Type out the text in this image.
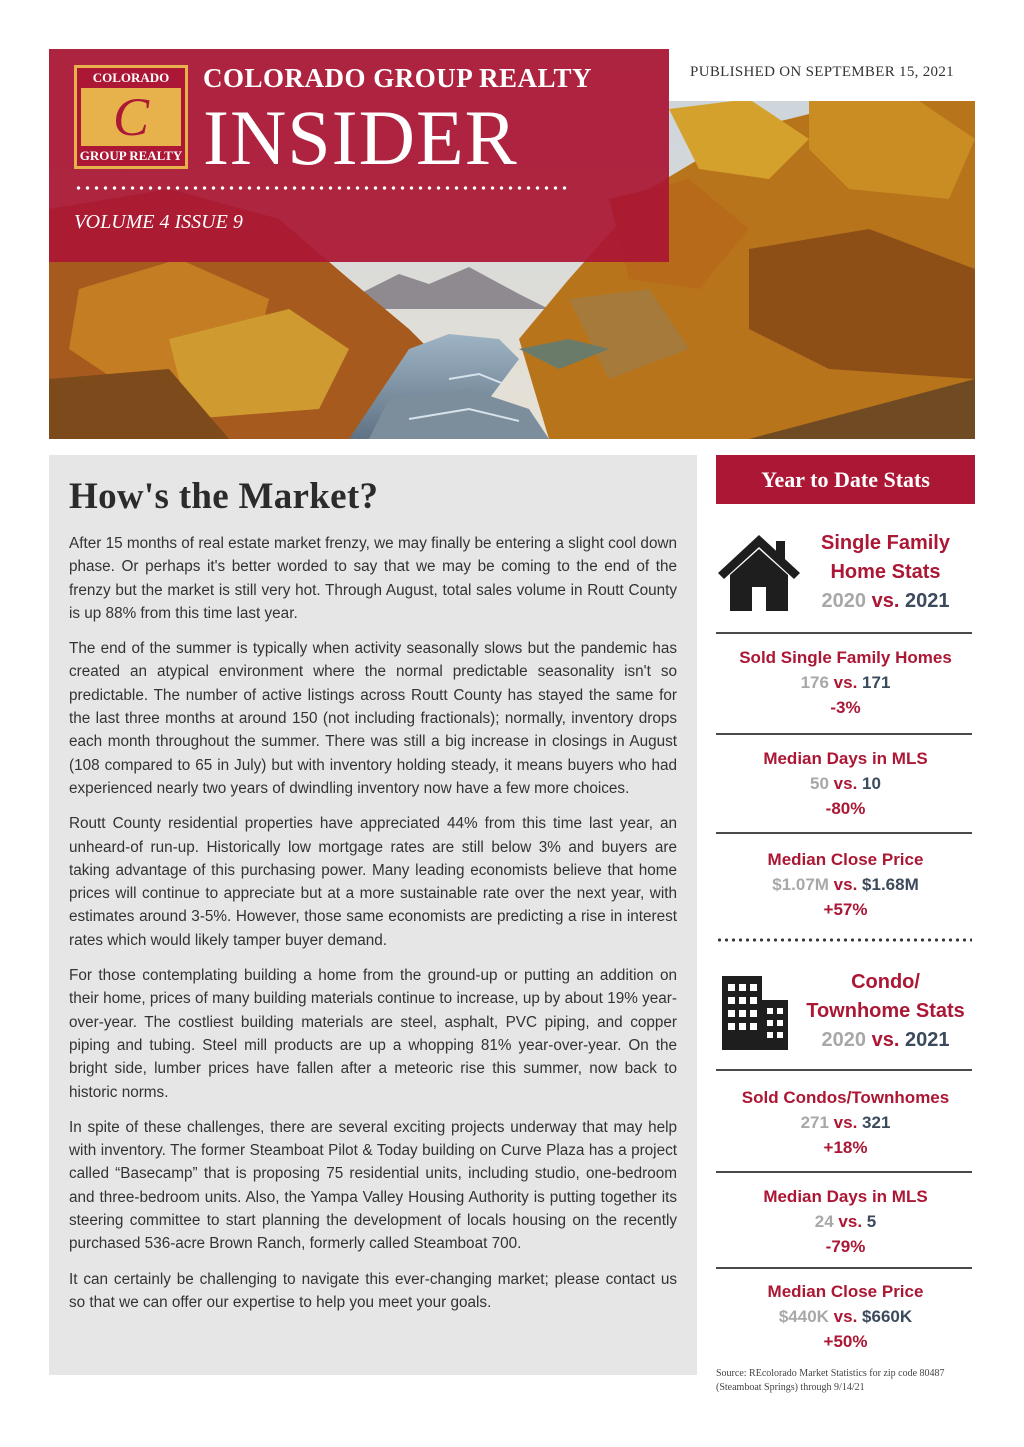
COLORADO
C
GROUP REALTY
COLORADO GROUP REALTY
INSIDER
VOLUME 4 ISSUE 9
PUBLISHED ON SEPTEMBER 15, 2021
How's the Market?

After 15 months of real estate market frenzy, we may finally be entering a slight cool down phase. Or perhaps it's better worded to say that we may be coming to the end of the frenzy but the market is still very hot. Through August, total sales volume in Routt County is up 88% from this time last year.

The end of the summer is typically when activity seasonally slows but the pandemic has created an atypical environment where the normal predictable seasonality isn't so predictable. The number of active listings across Routt County has stayed the same for the last three months at around 150 (not including fractionals); normally, inventory drops each month throughout the summer. There was still a big increase in closings in August (108 compared to 65 in July) but with inventory holding steady, it means buyers who had experienced nearly two years of dwindling inventory now have a few more choices.

Routt County residential properties have appreciated 44% from this time last year, an unheard-of run-up. Historically low mortgage rates are still below 3% and buyers are taking advantage of this purchasing power. Many leading economists believe that home prices will continue to appreciate but at a more sustainable rate over the next year, with estimates around 3-5%. However, those same economists are predicting a rise in interest rates which would likely tamper buyer demand.

For those contemplating building a home from the ground-up or putting an addition on their home, prices of many building materials continue to increase, up by about 19% year-over-year. The costliest building materials are steel, asphalt, PVC piping, and copper piping and tubing. Steel mill products are up a whopping 81% year-over-year. On the bright side, lumber prices have fallen after a meteoric rise this summer, now back to historic norms.

In spite of these challenges, there are several exciting projects underway that may help with inventory. The former Steamboat Pilot & Today building on Curve Plaza has a project called “Basecamp” that is proposing 75 residential units, including studio, one-bedroom and three-bedroom units. Also, the Yampa Valley Housing Authority is putting together its steering committee to start planning the development of locals housing on the recently purchased 536-acre Brown Ranch, formerly called Steamboat 700.

It can certainly be challenging to navigate this ever-changing market; please contact us so that we can offer our expertise to help you meet your goals.

Year to Date Stats
Single Family
Home Stats
2020 vs. 2021
Sold Single Family Homes
176 vs. 171
-3%
Median Days in MLS
50 vs. 10
-80%
Median Close Price
$1.07M vs. $1.68M
+57%
Condo/
Townhome Stats
2020 vs. 2021
Sold Condos/Townhomes
271 vs. 321
+18%
Median Days in MLS
24 vs. 5
-79%
Median Close Price
$440K vs. $660K
+50%
Source: REcolorado Market Statistics for zip code 80487 (Steamboat Springs) through 9/14/21
